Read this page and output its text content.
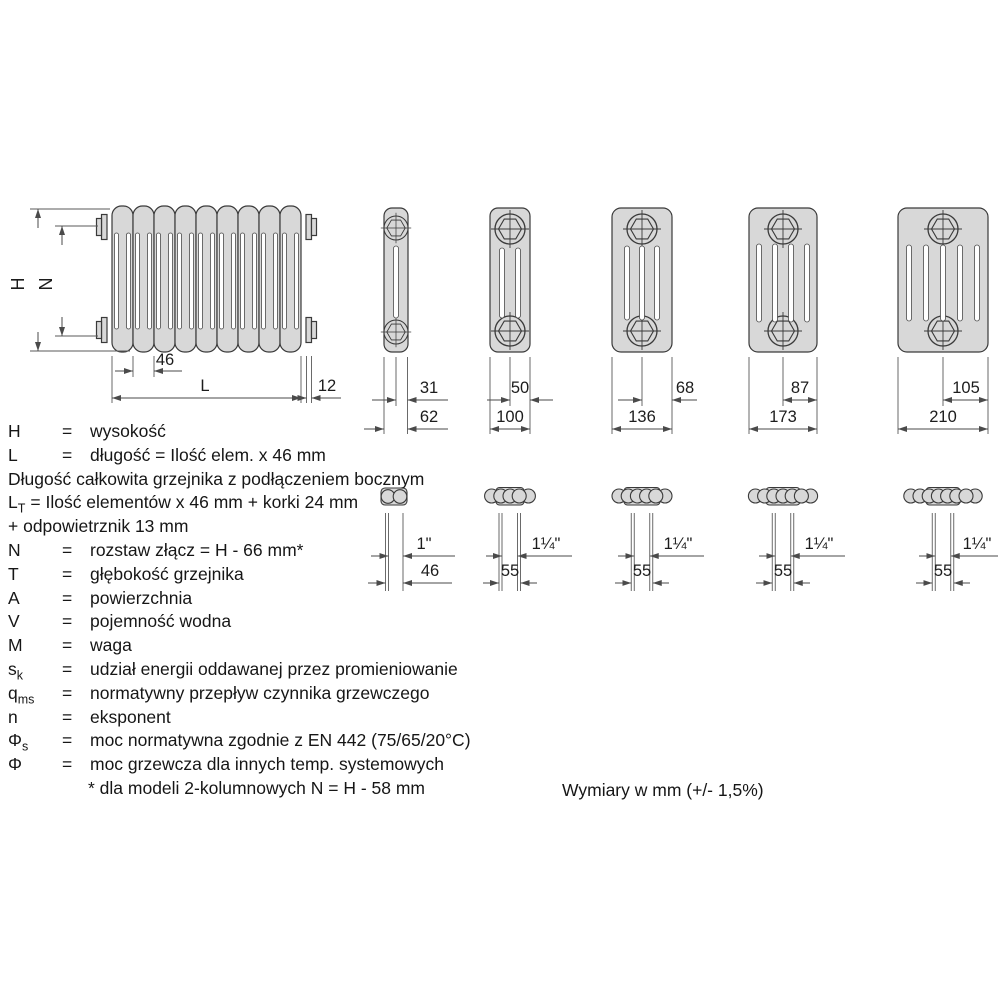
H N
46
L	12	31
62
50
100
68
136
87
173
105
210
1"
46
1¼"
55
1¼"
55
1¼"
55
1¼"
55
H	=	wysokość
L	=	długość = Ilość elem. x 46 mm
Długość całkowita grzejnika z podłączeniem bocznym
$L_T$ = Ilość elementów x 46 mm + korki 24 mm
+ odpowietrznik 13 mm
N	=	rozstaw złącz = H - 66 mm*
T	=	głębokość grzejnika
A	=	powierzchnia
V	=	pojemność wodna
M	=	waga
$s_k$	=	udział energii oddawanej przez promieniowanie
$q_{ms}$	=	normatywny przepływ czynnika grzewczego
n	=	eksponent
$\Phi_s$	=	moc normatywna zgodnie z EN 442 (75/65/20°C)
Φ	=	moc grzewcza dla innych temp. systemowych
* dla modeli 2-kolumnowych N = H - 58 mm	Wymiary w mm (+/- 1,5%)
